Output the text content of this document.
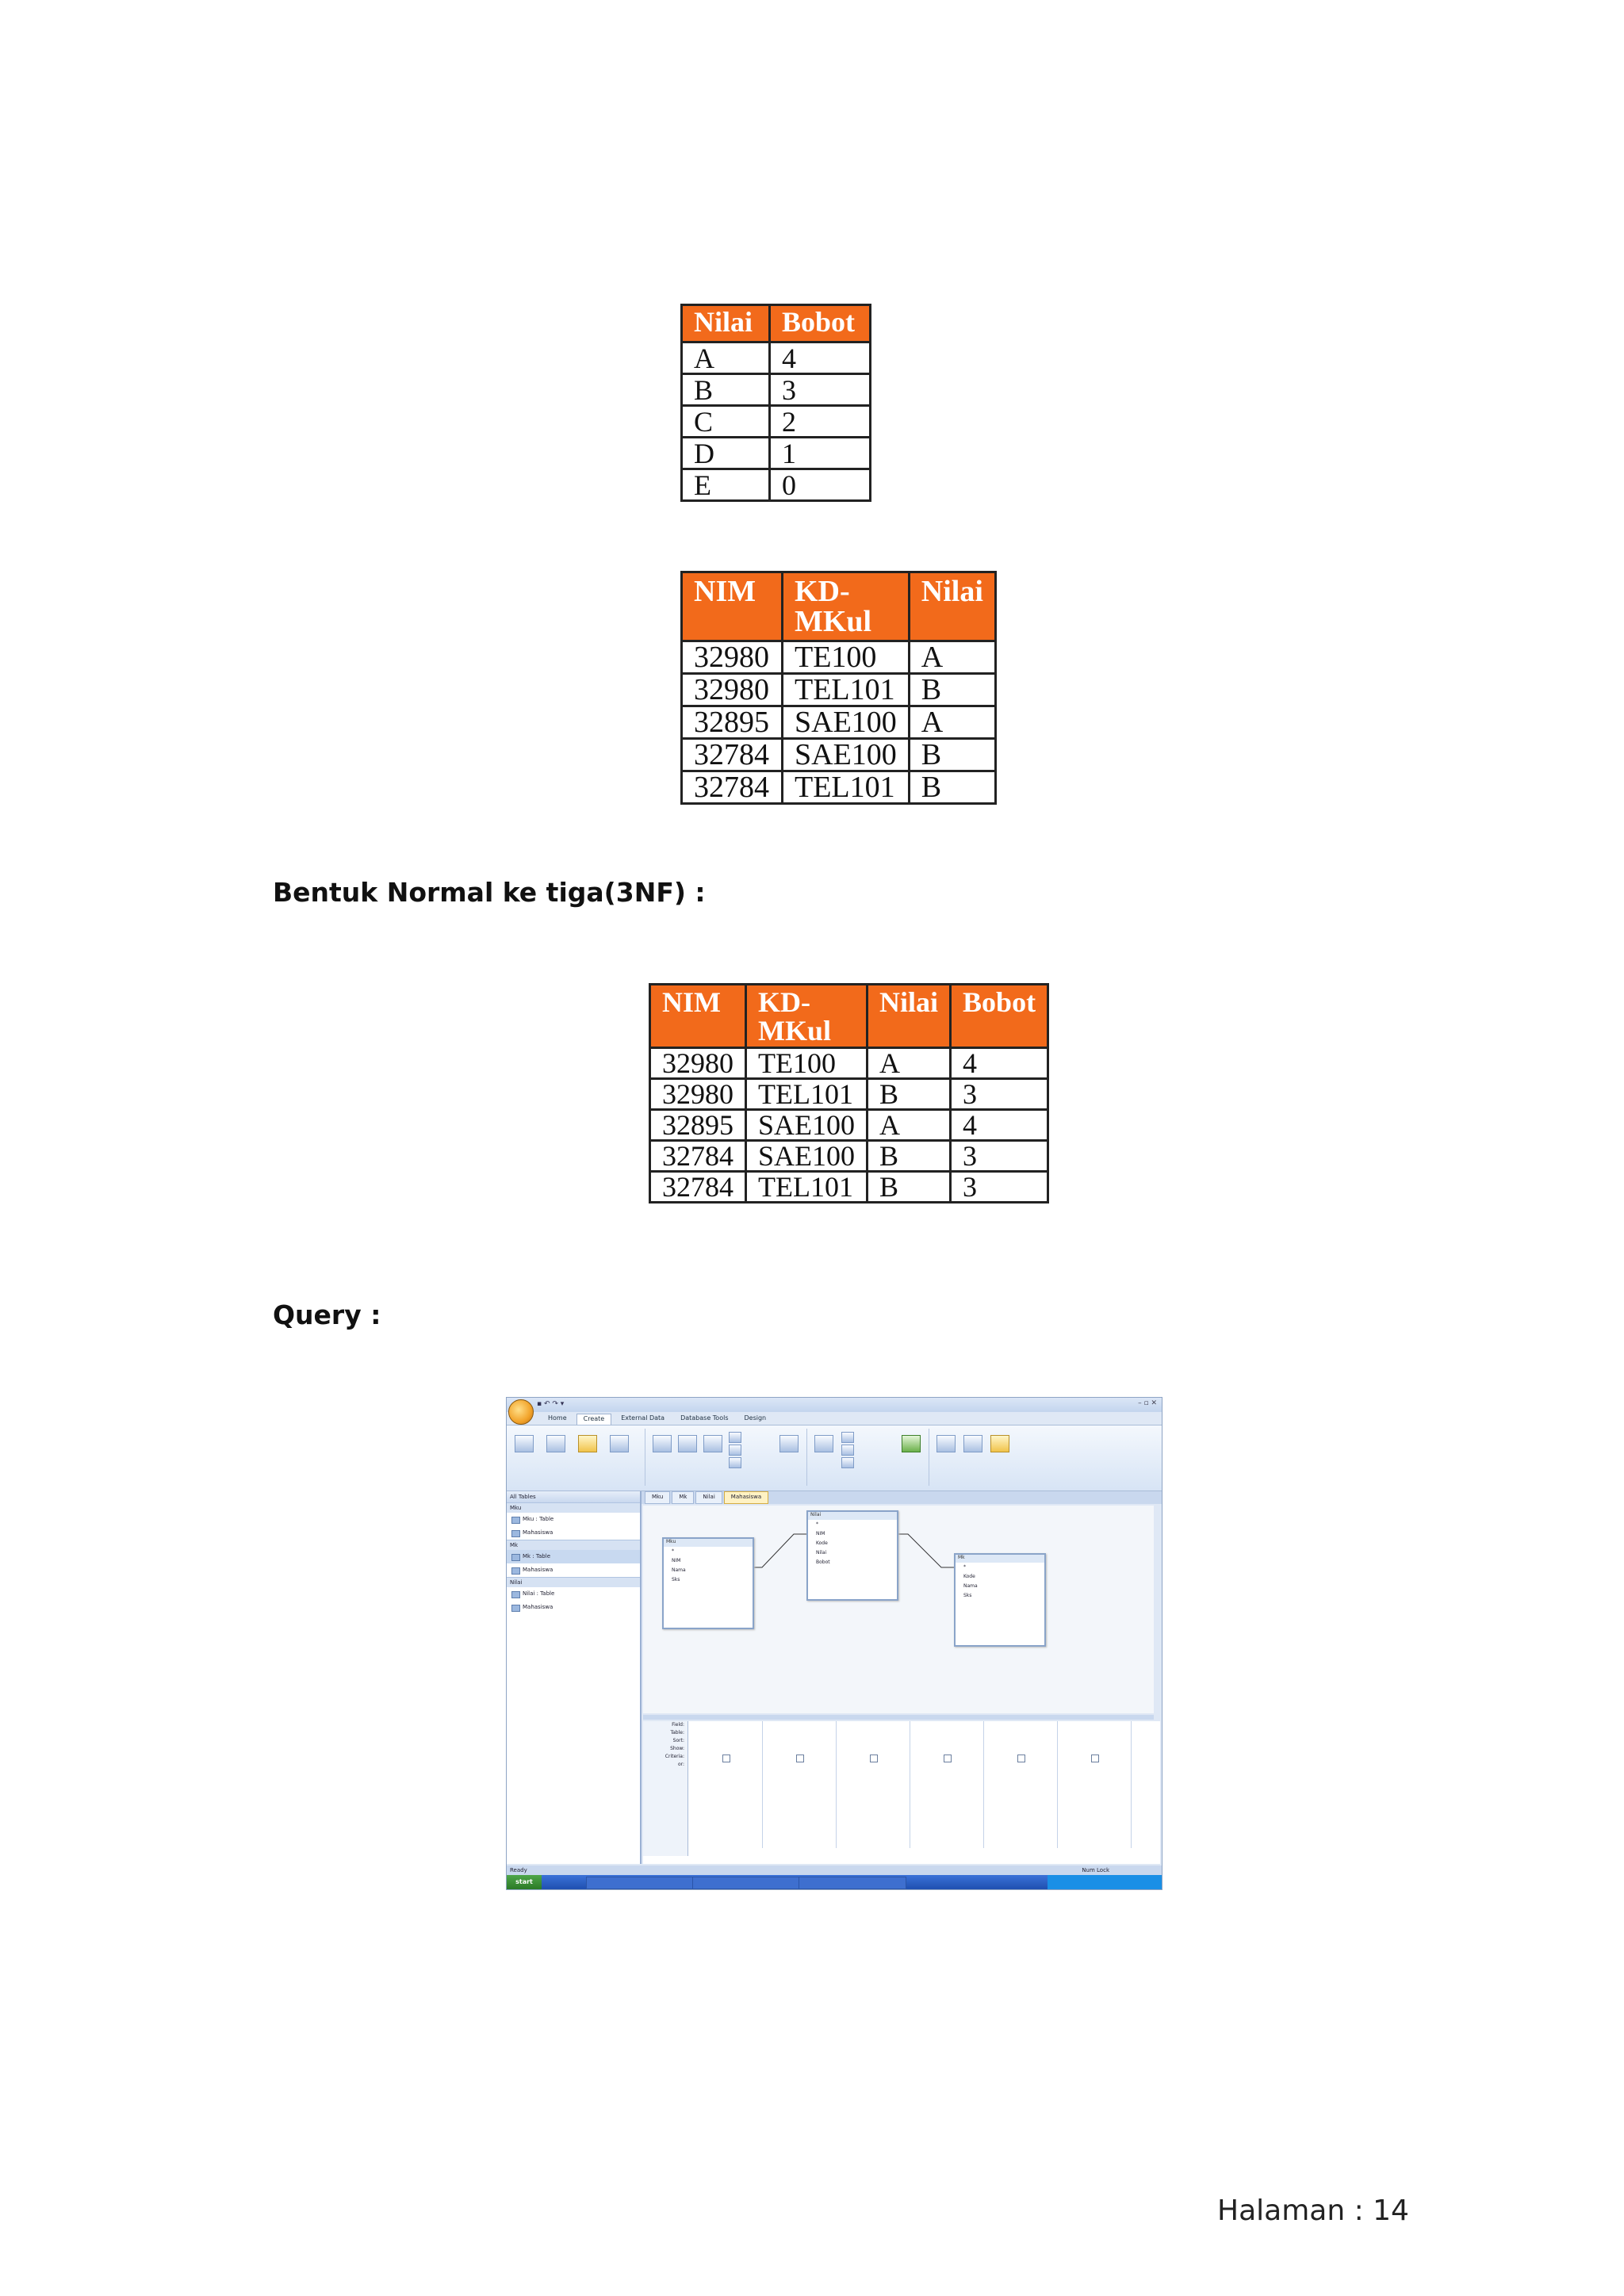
Nilai	Bobot
A	4
B	3
C	2
D	1
E	0
NIM	KD-MKul	Nilai
32980	TE100	A
32980	TEL101	B
32895	SAE100	A
32784	SAE100	B
32784	TEL101	B
Bentuk Normal ke tiga(3NF) :
NIM	KD-MKul	Nilai	Bobot
32980	TE100	A	4
32980	TEL101	B	3
32895	SAE100	A	4
32784	SAE100	B	3
32784	TEL101	B	3
Query :
▪ ↶ ↷ ▾	– ▫ ✕
Home	Create	External Data	Database Tools	Design
All Tables
Mku
Mku : Table
Mahasiswa
Mk
Mk : Table
Mahasiswa
Nilai
Nilai : Table
Mahasiswa
Mku	Mk	Nilai	Mahasiswa
Mku
*
NIM
Nama
Sks
Nilai
*
NIM
Kode
Nilai
Bobot
Mk
*
Kode
Nama
Sks
Field:
Table:
Sort:
Show:
Criteria:
or:
Ready	Num Lock
start
Halaman : 14
